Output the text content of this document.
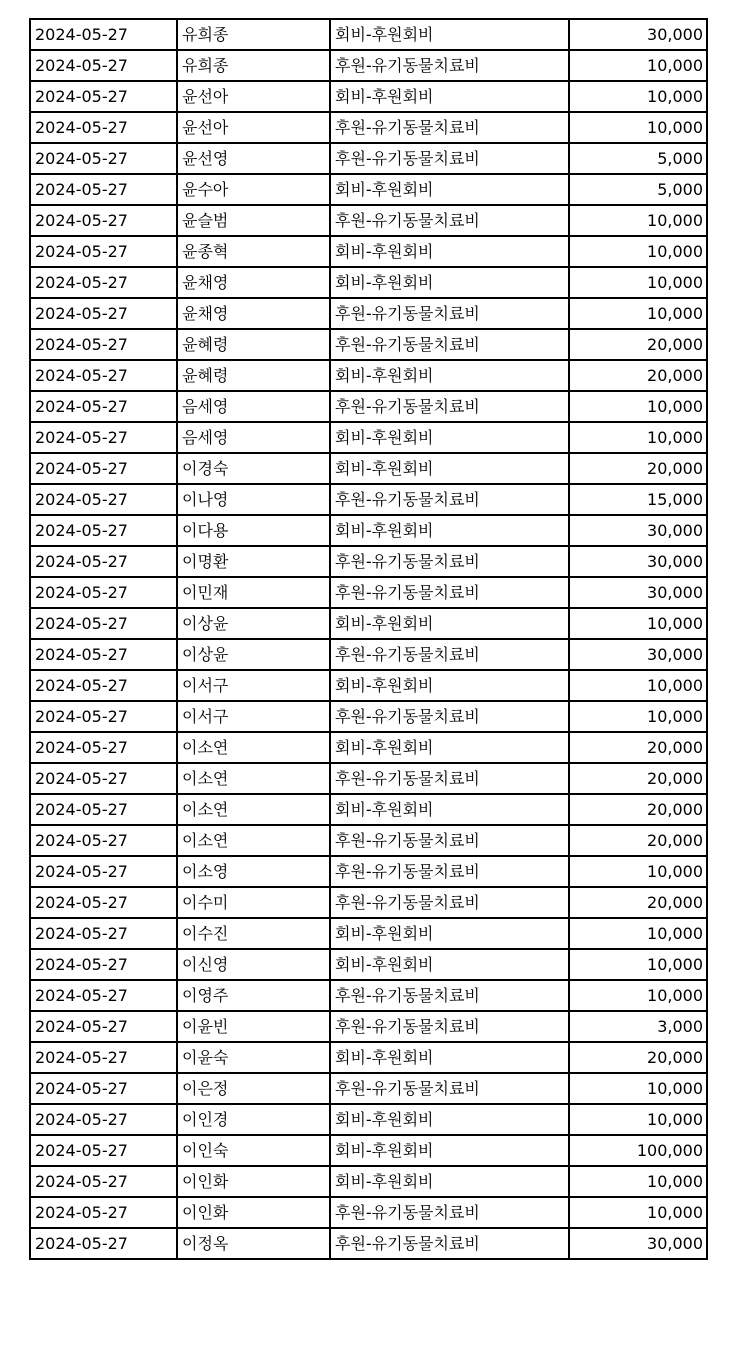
2024-05-27	유희종	회비-후원회비	30,000
2024-05-27	유희종	후원-유기동물치료비	10,000
2024-05-27	윤선아	회비-후원회비	10,000
2024-05-27	윤선아	후원-유기동물치료비	10,000
2024-05-27	윤선영	후원-유기동물치료비	5,000
2024-05-27	윤수아	회비-후원회비	5,000
2024-05-27	윤슬범	후원-유기동물치료비	10,000
2024-05-27	윤종혁	회비-후원회비	10,000
2024-05-27	윤채영	회비-후원회비	10,000
2024-05-27	윤채영	후원-유기동물치료비	10,000
2024-05-27	윤혜령	후원-유기동물치료비	20,000
2024-05-27	윤혜령	회비-후원회비	20,000
2024-05-27	음세영	후원-유기동물치료비	10,000
2024-05-27	음세영	회비-후원회비	10,000
2024-05-27	이경숙	회비-후원회비	20,000
2024-05-27	이나영	후원-유기동물치료비	15,000
2024-05-27	이다용	회비-후원회비	30,000
2024-05-27	이명환	후원-유기동물치료비	30,000
2024-05-27	이민재	후원-유기동물치료비	30,000
2024-05-27	이상윤	회비-후원회비	10,000
2024-05-27	이상윤	후원-유기동물치료비	30,000
2024-05-27	이서구	회비-후원회비	10,000
2024-05-27	이서구	후원-유기동물치료비	10,000
2024-05-27	이소연	회비-후원회비	20,000
2024-05-27	이소연	후원-유기동물치료비	20,000
2024-05-27	이소연	회비-후원회비	20,000
2024-05-27	이소연	후원-유기동물치료비	20,000
2024-05-27	이소영	후원-유기동물치료비	10,000
2024-05-27	이수미	후원-유기동물치료비	20,000
2024-05-27	이수진	회비-후원회비	10,000
2024-05-27	이신영	회비-후원회비	10,000
2024-05-27	이영주	후원-유기동물치료비	10,000
2024-05-27	이윤빈	후원-유기동물치료비	3,000
2024-05-27	이윤숙	회비-후원회비	20,000
2024-05-27	이은정	후원-유기동물치료비	10,000
2024-05-27	이인경	회비-후원회비	10,000
2024-05-27	이인숙	회비-후원회비	100,000
2024-05-27	이인화	회비-후원회비	10,000
2024-05-27	이인화	후원-유기동물치료비	10,000
2024-05-27	이정옥	후원-유기동물치료비	30,000
